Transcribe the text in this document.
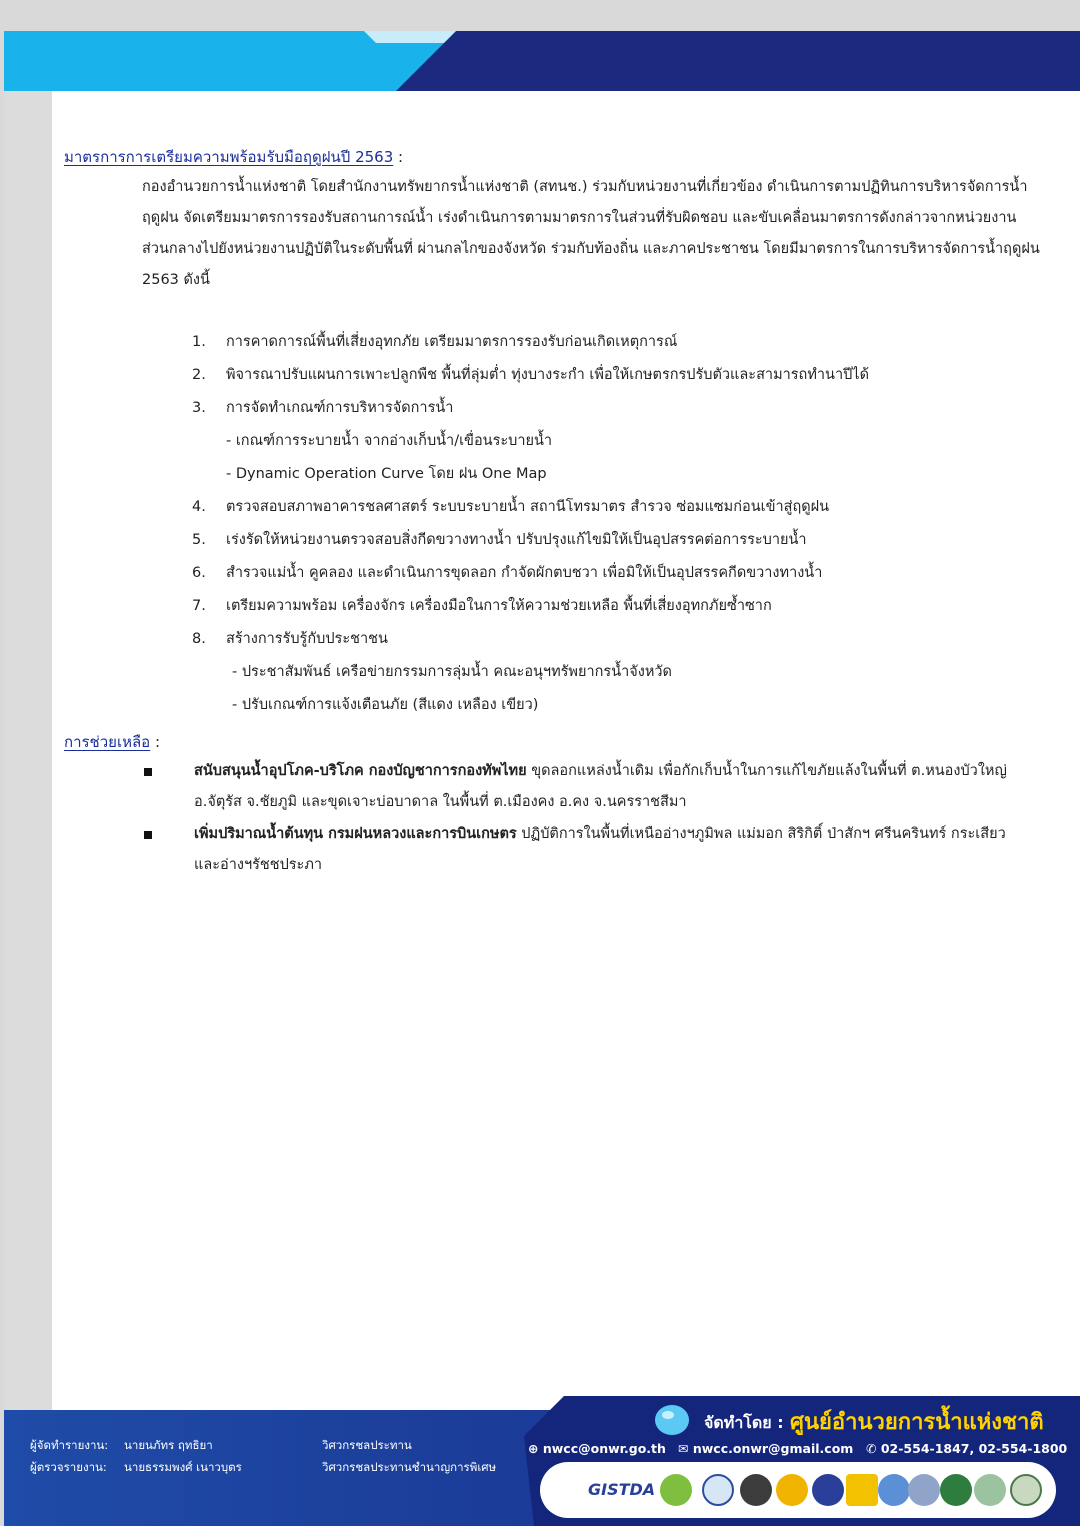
มาตรการการเตรียมความพร้อมรับมือฤดูฝนปี 2563 :

กองอำนวยการน้ำแห่งชาติ โดยสำนักงานทรัพยากรน้ำแห่งชาติ (สทนช.) ร่วมกับหน่วยงานที่เกี่ยวข้อง ดำเนินการตามปฏิทินการบริหารจัดการน้ำฤดูฝน จัดเตรียมมาตรการรองรับสถานการณ์น้ำ เร่งดำเนินการตามมาตรการในส่วนที่รับผิดชอบ และขับเคลื่อนมาตรการดังกล่าวจากหน่วยงานส่วนกลางไปยังหน่วยงานปฏิบัติในระดับพื้นที่ ผ่านกลไกของจังหวัด ร่วมกับท้องถิ่น และภาคประชาชน โดยมีมาตรการในการบริหารจัดการน้ำฤดูฝน 2563 ดังนี้

1. การคาดการณ์พื้นที่เสี่ยงอุทกภัย เตรียมมาตรการรองรับก่อนเกิดเหตุการณ์
2. พิจารณาปรับแผนการเพาะปลูกพืช พื้นที่ลุ่มต่ำ ทุ่งบางระกำ เพื่อให้เกษตรกรปรับตัวและสามารถทำนาปีได้
3. การจัดทำเกณฑ์การบริหารจัดการน้ำ
- เกณฑ์การระบายน้ำ จากอ่างเก็บน้ำ/เขื่อนระบายน้ำ
- Dynamic Operation Curve โดย ฝน One Map
4. ตรวจสอบสภาพอาคารชลศาสตร์ ระบบระบายน้ำ สถานีโทรมาตร สำรวจ ซ่อมแซมก่อนเข้าสู่ฤดูฝน
5. เร่งรัดให้หน่วยงานตรวจสอบสิ่งกีดขวางทางน้ำ ปรับปรุงแก้ไขมิให้เป็นอุปสรรคต่อการระบายน้ำ
6. สำรวจแม่น้ำ คูคลอง และดำเนินการขุดลอก กำจัดผักตบชวา เพื่อมิให้เป็นอุปสรรคกีดขวางทางน้ำ
7. เตรียมความพร้อม เครื่องจักร เครื่องมือในการให้ความช่วยเหลือ พื้นที่เสี่ยงอุทกภัยซ้ำซาก
8. สร้างการรับรู้กับประชาชน
- ประชาสัมพันธ์ เครือข่ายกรรมการลุ่มน้ำ คณะอนุฯทรัพยากรน้ำจังหวัด
- ปรับเกณฑ์การแจ้งเตือนภัย (สีแดง เหลือง เขียว)
การช่วยเหลือ :
สนับสนุนน้ำอุปโภค-บริโภค กองบัญชาการกองทัพไทย ขุดลอกแหล่งน้ำเดิม เพื่อกักเก็บน้ำในการแก้ไขภัยแล้งในพื้นที่ ต.หนองบัวใหญ่ อ.จัตุรัส จ.ชัยภูมิ และขุดเจาะบ่อบาดาล ในพื้นที่ ต.เมืองคง อ.คง จ.นครราชสีมา
เพิ่มปริมาณน้ำต้นทุน กรมฝนหลวงและการบินเกษตร ปฏิบัติการในพื้นที่เหนืออ่างฯภูมิพล แม่มอก สิริกิติ์ ป่าสักฯ ศรีนครินทร์ กระเสียว และอ่างฯรัชชประภา
ผู้จัดทำรายงาน: นายนภัทร ฤทธิยา	วิศวกรชลประทาน
ผู้ตรวจรายงาน: นายธรรมพงศ์ เนาวบุตร	วิศวกรชลประทานชำนาญการพิเศษ
จัดทำโดย : ศูนย์อำนวยการน้ำแห่งชาติ
⊕ nwcc@onwr.go.th ✉ nwcc.onwr@gmail.com ✆ 02-554-1847, 02-554-1800
GISTDA
